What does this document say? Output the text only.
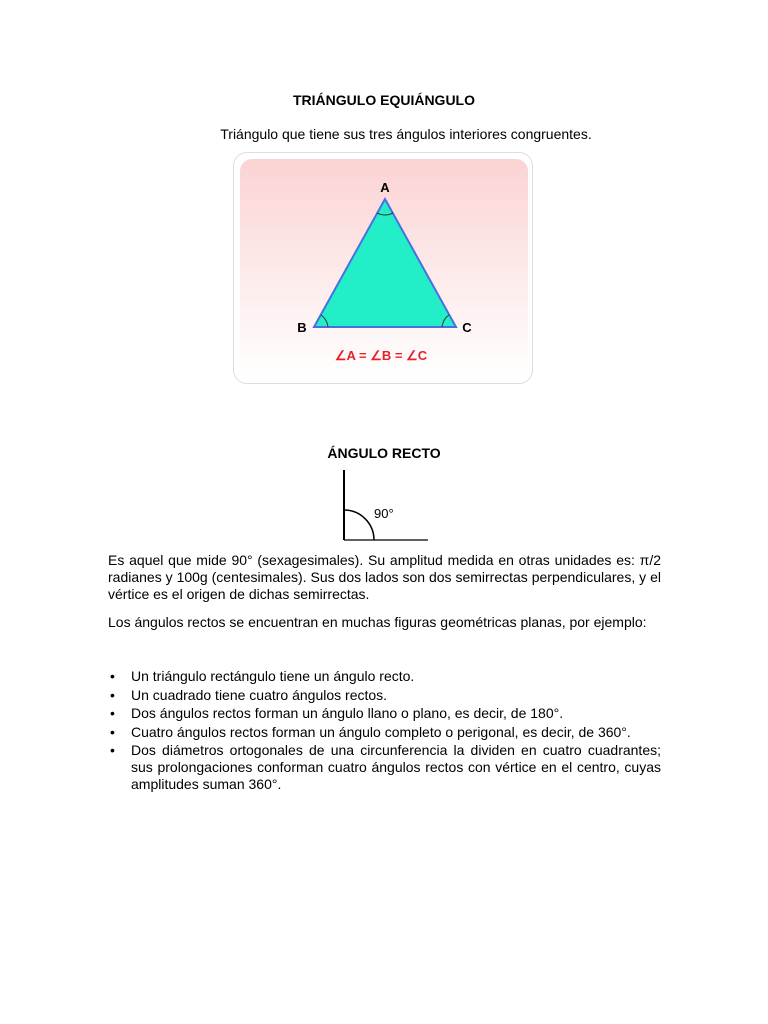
TRIÁNGULO EQUIÁNGULO

Triángulo que tiene sus tres ángulos interiores congruentes.

A
B	C
∠A = ∠B = ∠C
ÁNGULO RECTO
90°

Es aquel que mide 90° (sexagesimales). Su amplitud medida en otras unidades es: π/2 radianes y 100g (centesimales). Sus dos lados son dos semirrectas perpendiculares, y el vértice es el origen de dichas semirrectas.

Los ángulos rectos se encuentran en muchas figuras geométricas planas, por ejemplo:

• Un triángulo rectángulo tiene un ángulo recto.
• Un cuadrado tiene cuatro ángulos rectos.
• Dos ángulos rectos forman un ángulo llano o plano, es decir, de 180°.
• Cuatro ángulos rectos forman un ángulo completo o perigonal, es decir, de 360°.
• Dos diámetros ortogonales de una circunferencia la dividen en cuatro cuadrantes; sus prolongaciones conforman cuatro ángulos rectos con vértice en el centro, cuyas amplitudes suman 360°.
